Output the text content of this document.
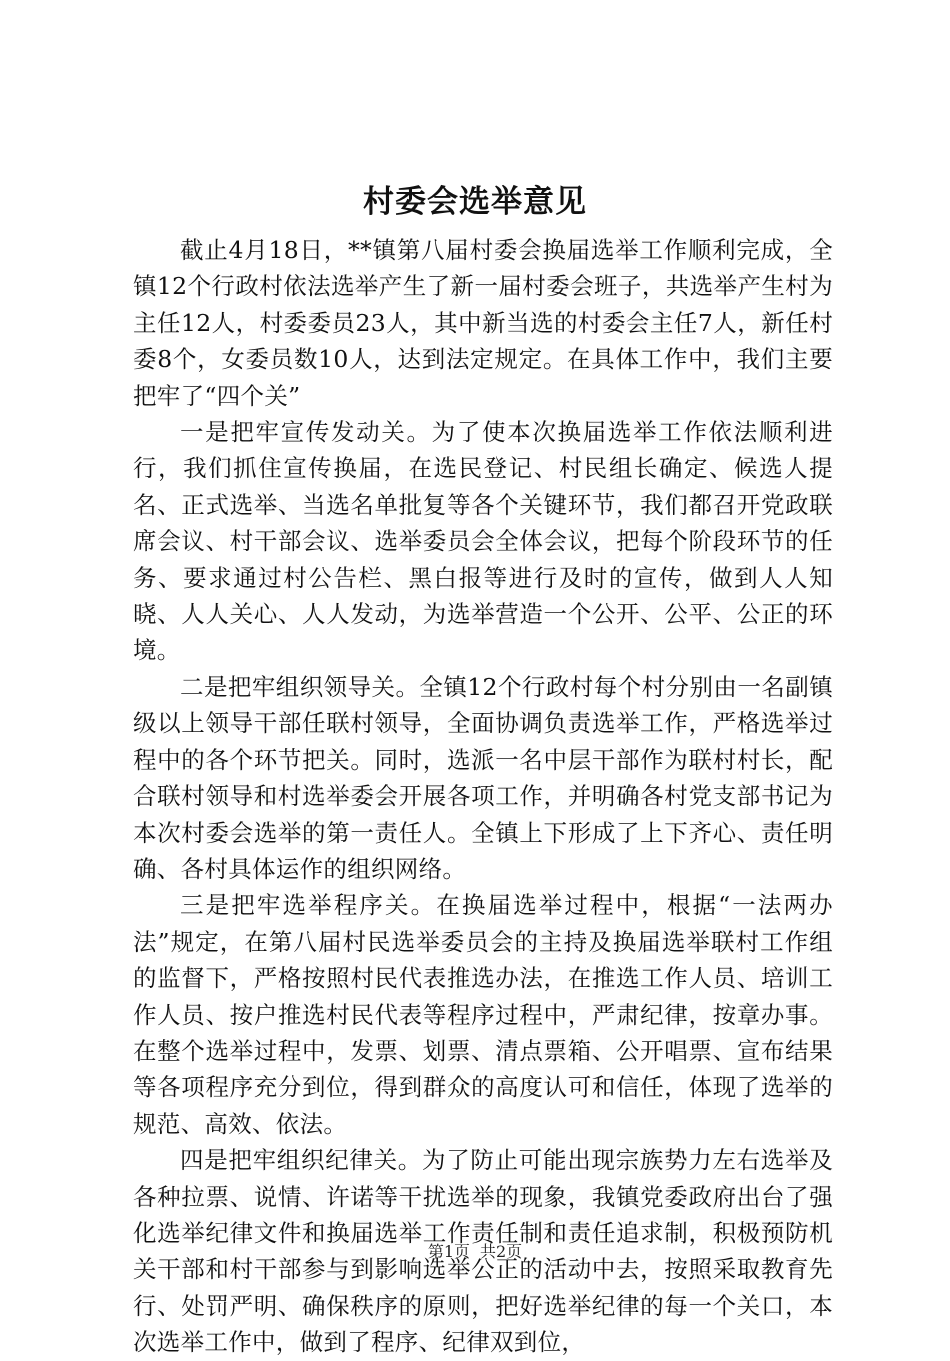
村委会选举意见

截止4月18日，**镇第八届村委会换届选举工作顺利完成，全镇12个行政村依法选举产生了新一届村委会班子，共选举产生村为主任12人，村委委员23人，其中新当选的村委会主任7人，新任村委8个，女委员数10人，达到法定规定。在具体工作中，我们主要把牢了“四个关”

一是把牢宣传发动关。为了使本次换届选举工作依法顺利进行，我们抓住宣传换届，在选民登记、村民组长确定、候选人提名、正式选举、当选名单批复等各个关键环节，我们都召开党政联席会议、村干部会议、选举委员会全体会议，把每个阶段环节的任务、要求通过村公告栏、黑白报等进行及时的宣传，做到人人知晓、人人关心、人人发动，为选举营造一个公开、公平、公正的环境。

二是把牢组织领导关。全镇12个行政村每个村分别由一名副镇级以上领导干部任联村领导，全面协调负责选举工作，严格选举过程中的各个环节把关。同时，选派一名中层干部作为联村村长，配合联村领导和村选举委会开展各项工作，并明确各村党支部书记为本次村委会选举的第一责任人。全镇上下形成了上下齐心、责任明确、各村具体运作的组织网络。

三是把牢选举程序关。在换届选举过程中，根据“一法两办法”规定，在第八届村民选举委员会的主持及换届选举联村工作组的监督下，严格按照村民代表推选办法，在推选工作人员、培训工作人员、按户推选村民代表等程序过程中，严肃纪律，按章办事。在整个选举过程中，发票、划票、清点票箱、公开唱票、宣布结果等各项程序充分到位，得到群众的高度认可和信任，体现了选举的规范、高效、依法。

四是把牢组织纪律关。为了防止可能出现宗族势力左右选举及各种拉票、说情、许诺等干扰选举的现象，我镇党委政府出台了强化选举纪律文件和换届选举工作责任制和责任追求制，积极预防机关干部和村干部参与到影响选举公正的活动中去，按照采取教育先行、处罚严明、确保秩序的原则，把好选举纪律的每一个关口，本次选举工作中，做到了程序、纪律双到位，

第1页 共2页
